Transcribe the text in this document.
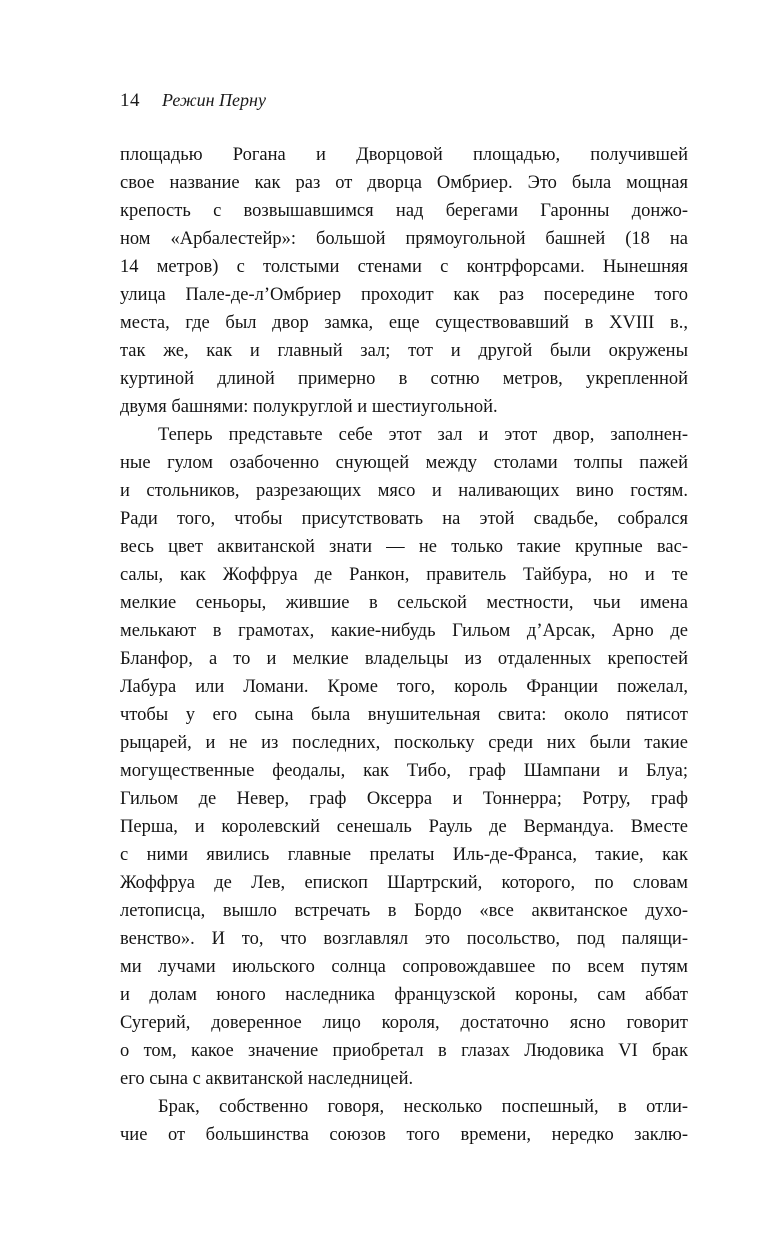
14 Режин Перну
площадью Рогана и Дворцовой площадью, получившей
свое название как раз от дворца Омбриер. Это была мощная
крепость с возвышавшимся над берегами Гаронны донжо-
ном «Арбалестейр»: большой прямоугольной башней (18 на
14 метров) с толстыми стенами с контрфорсами. Нынешняя
улица Пале-де-л’Омбриер проходит как раз посередине того
места, где был двор замка, еще существовавший в XVIII в.,
так же, как и главный зал; тот и другой были окружены
куртиной длиной примерно в сотню метров, укрепленной
двумя башнями: полукруглой и шестиугольной.
Теперь представьте себе этот зал и этот двор, заполнен-
ные гулом озабоченно снующей между столами толпы пажей
и стольников, разрезающих мясо и наливающих вино гостям.
Ради того, чтобы присутствовать на этой свадьбе, собрался
весь цвет аквитанской знати — не только такие крупные вас-
салы, как Жоффруа де Ранкон, правитель Тайбура, но и те
мелкие сеньоры, жившие в сельской местности, чьи имена
мелькают в грамотах, какие-нибудь Гильом д’Арсак, Арно де
Бланфор, а то и мелкие владельцы из отдаленных крепостей
Лабура или Ломани. Кроме того, король Франции пожелал,
чтобы у его сына была внушительная свита: около пятисот
рыцарей, и не из последних, поскольку среди них были такие
могущественные феодалы, как Тибо, граф Шампани и Блуа;
Гильом де Невер, граф Оксерра и Тоннерра; Ротру, граф
Перша, и королевский сенешаль Рауль де Вермандуа. Вместе
с ними явились главные прелаты Иль-де-Франса, такие, как
Жоффруа де Лев, епископ Шартрский, которого, по словам
летописца, вышло встречать в Бордо «все аквитанское духо-
венство». И то, что возглавлял это посольство, под палящи-
ми лучами июльского солнца сопровождавшее по всем путям
и долам юного наследника французской короны, сам аббат
Сугерий, доверенное лицо короля, достаточно ясно говорит
о том, какое значение приобретал в глазах Людовика VI брак
его сына с аквитанской наследницей.
Брак, собственно говоря, несколько поспешный, в отли-
чие от большинства союзов того времени, нередко заклю-
